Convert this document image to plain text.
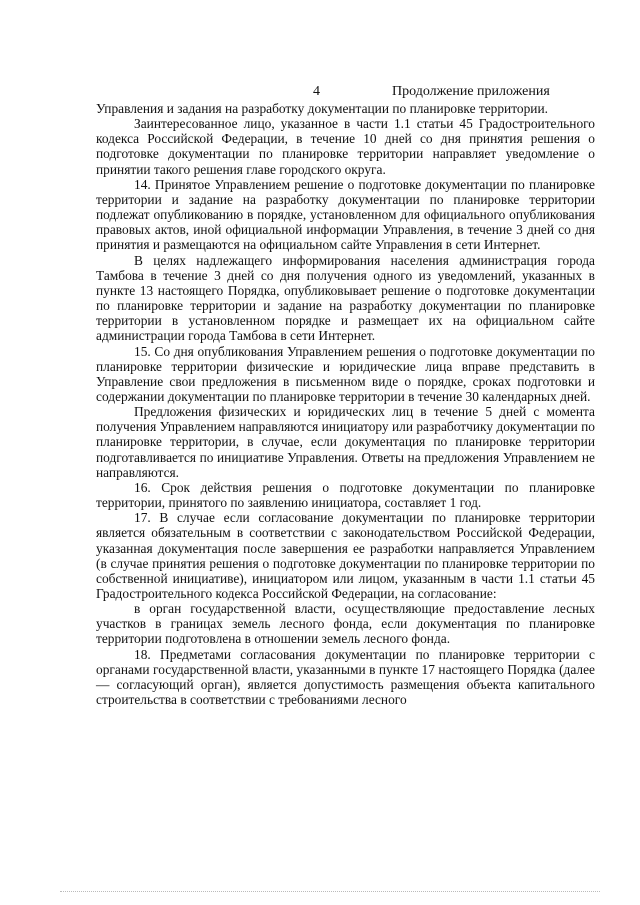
4	Продолжение приложения

Управления и задания на разработку документации по планировке территории.

Заинтересованное лицо, указанное в части 1.1 статьи 45 Градостроительного кодекса Российской Федерации, в течение 10 дней со дня принятия решения о подготовке документации по планировке территории направляет уведомление о принятии такого решения главе городского округа.

14. Принятое Управлением решение о подготовке документации по планировке территории и задание на разработку документации по планировке территории подлежат опубликованию в порядке, установленном для официального опубликования правовых актов, иной официальной информации Управления, в течение 3 дней со дня принятия и размещаются на официальном сайте Управления в сети Интернет.

В целях надлежащего информирования населения администрация города Тамбова в течение 3 дней со дня получения одного из уведомлений, указанных в пункте 13 настоящего Порядка, опубликовывает решение о подготовке документации по планировке территории и задание на разработку документации по планировке территории в установленном порядке и размещает их на официальном сайте администрации города Тамбова в сети Интернет.

15. Со дня опубликования Управлением решения о подготовке документации по планировке территории физические и юридические лица вправе представить в Управление свои предложения в письменном виде о порядке, сроках подготовки и содержании документации по планировке территории в течение 30 календарных дней.

Предложения физических и юридических лиц в течение 5 дней с момента получения Управлением направляются инициатору или разработчику документации по планировке территории, в случае, если документация по планировке территории подготавливается по инициативе Управления. Ответы на предложения Управлением не направляются.

16. Срок действия решения о подготовке документации по планировке территории, принятого по заявлению инициатора, составляет 1 год.

17. В случае если согласование документации по планировке территории является обязательным в соответствии с законодательством Российской Федерации, указанная документация после завершения ее разработки направляется Управлением (в случае принятия решения о подготовке документации по планировке территории по собственной инициативе), инициатором или лицом, указанным в части 1.1 статьи 45 Градостроительного кодекса Российской Федерации, на согласование:

в орган государственной власти, осуществляющие предоставление лесных участков в границах земель лесного фонда, если документация по планировке территории подготовлена в отношении земель лесного фонда.

18. Предметами согласования документации по планировке территории с органами государственной власти, указанными в пункте 17 настоящего Порядка (далее — согласующий орган), является допустимость размещения объекта капитального строительства в соответствии с требованиями лесного
